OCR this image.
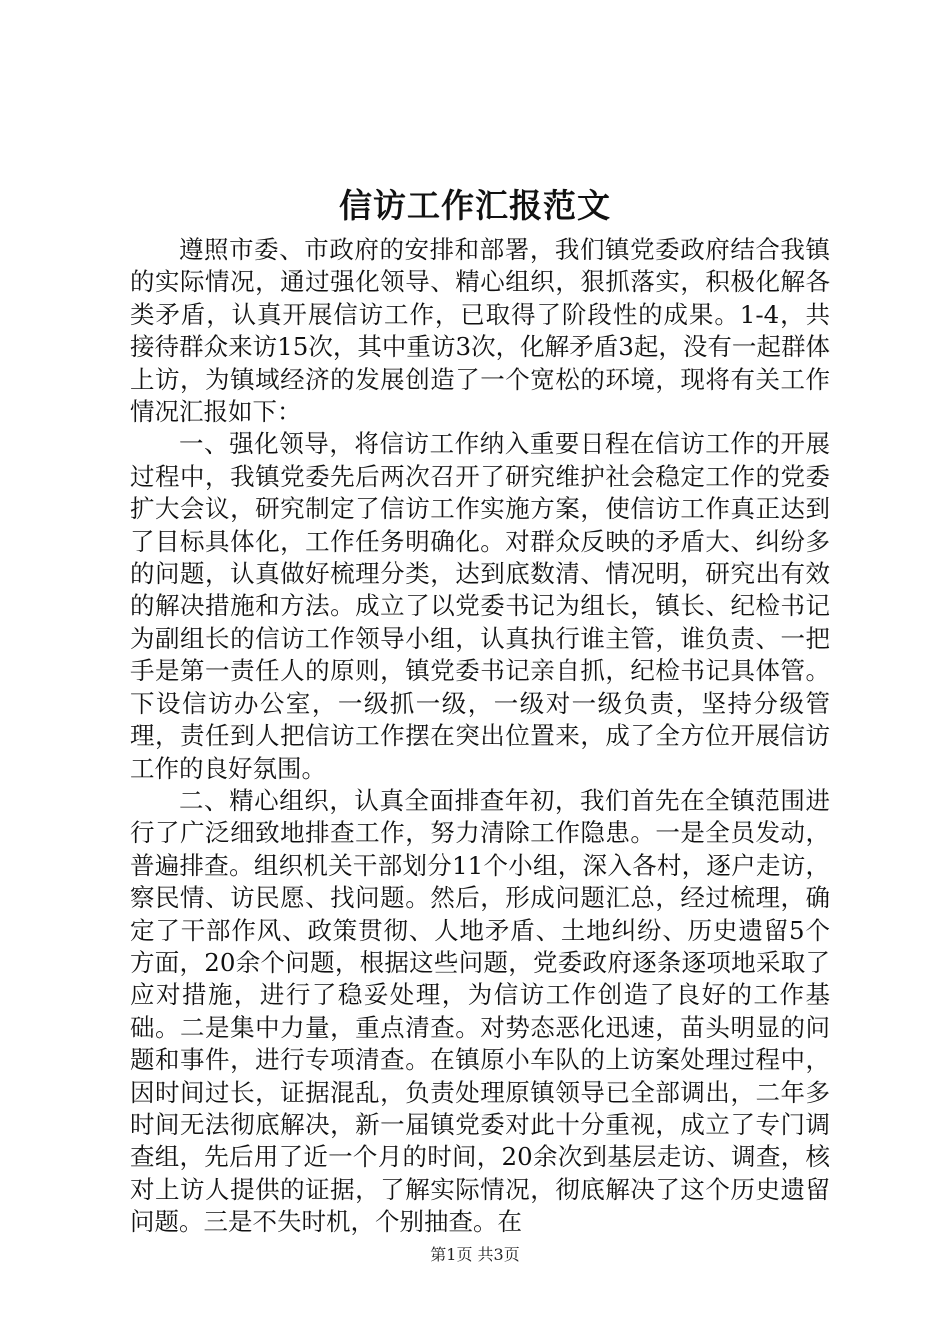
信访工作汇报范文

遵照市委、市政府的安排和部署，我们镇党委政府结合我镇的实际情况，通过强化领导、精心组织，狠抓落实，积极化解各类矛盾，认真开展信访工作，已取得了阶段性的成果。1-4，共接待群众来访15次，其中重访3次，化解矛盾3起，没有一起群体上访，为镇域经济的发展创造了一个宽松的环境，现将有关工作情况汇报如下：

一、强化领导，将信访工作纳入重要日程在信访工作的开展过程中，我镇党委先后两次召开了研究维护社会稳定工作的党委扩大会议，研究制定了信访工作实施方案，使信访工作真正达到了目标具体化，工作任务明确化。对群众反映的矛盾大、纠纷多的问题，认真做好梳理分类，达到底数清、情况明，研究出有效的解决措施和方法。成立了以党委书记为组长，镇长、纪检书记为副组长的信访工作领导小组，认真执行谁主管，谁负责、一把手是第一责任人的原则，镇党委书记亲自抓，纪检书记具体管。下设信访办公室，一级抓一级，一级对一级负责，坚持分级管理，责任到人把信访工作摆在突出位置来，成了全方位开展信访工作的良好氛围。

二、精心组织，认真全面排查年初，我们首先在全镇范围进行了广泛细致地排查工作，努力清除工作隐患。一是全员发动，普遍排查。组织机关干部划分11个小组，深入各村，逐户走访，察民情、访民愿、找问题。然后，形成问题汇总，经过梳理，确定了干部作风、政策贯彻、人地矛盾、土地纠纷、历史遗留5个方面，20余个问题，根据这些问题，党委政府逐条逐项地采取了应对措施，进行了稳妥处理，为信访工作创造了良好的工作基础。二是集中力量，重点清查。对势态恶化迅速，苗头明显的问题和事件，进行专项清查。在镇原小车队的上访案处理过程中，因时间过长，证据混乱，负责处理原镇领导已全部调出，二年多时间无法彻底解决，新一届镇党委对此十分重视，成立了专门调查组，先后用了近一个月的时间，20余次到基层走访、调查，核对上访人提供的证据，了解实际情况，彻底解决了这个历史遗留问题。三是不失时机，个别抽查。在

第1页 共3页
